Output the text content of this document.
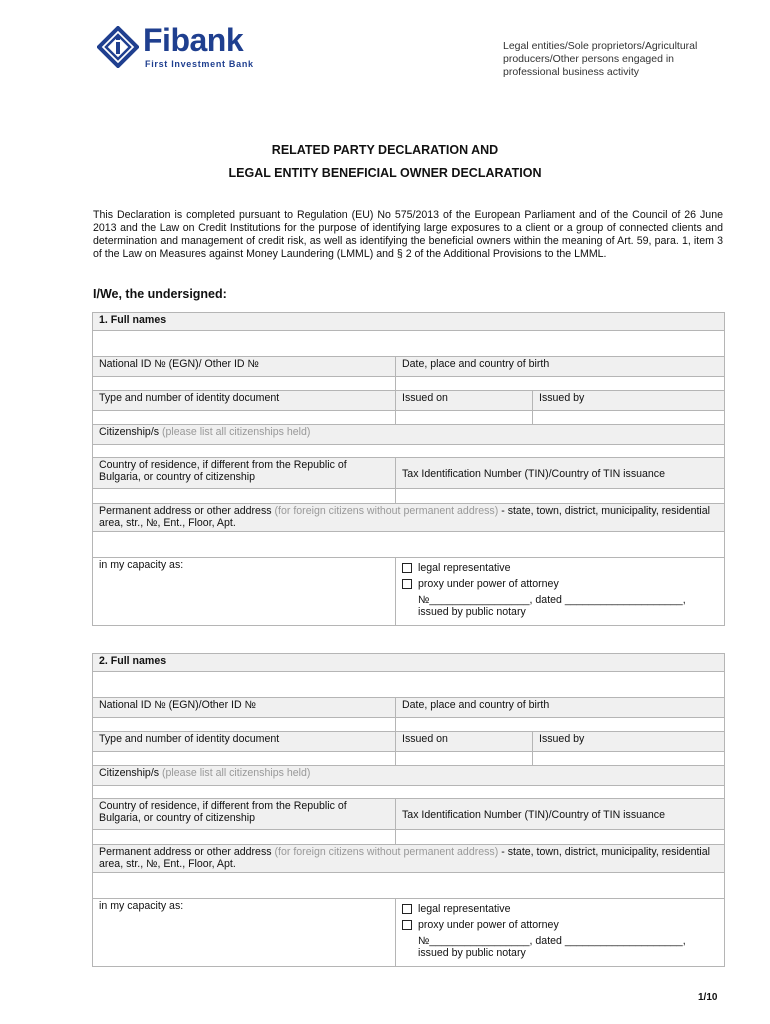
Fibank
First Investment Bank
Legal entities/Sole proprietors/Agricultural producers/Other persons engaged in professional business activity
RELATED PARTY DECLARATION AND
LEGAL ENTITY BENEFICIAL OWNER DECLARATION
This Declaration is completed pursuant to Regulation (EU) No 575/2013 of the European Parliament and of the Council of 26 June 2013 and the Law on Credit Institutions for the purpose of identifying large exposures to a client or a group of connected clients and determination and management of credit risk, as well as identifying the beneficial owners within the meaning of Art. 59, para. 1, item 3 of the Law on Measures against Money Laundering (LMML) and § 2 of the Additional Provisions to the LMML.
I/We, the undersigned:
1. Full names		

National ID № (EGN)/ Other ID №	Date, place and country of birth	

Type and number of identity document	Issued on	Issued by

Citizenship/s (please list all citizenships held)		

Country of residence, if different from the Republic of Bulgaria, or country of citizenship	Tax Identification Number (TIN)/Country of TIN issuance	

Permanent address or other address (for foreign citizens without permanent address) - state, town, district, municipality, residential area, str., №, Ent., Floor, Apt.		

in my capacity as:	legal representative
proxy under power of attorney
№_________________, dated ____________________,
issued by public notary	
2. Full names		

National ID № (EGN)/Other ID №	Date, place and country of birth	

Type and number of identity document	Issued on	Issued by

Citizenship/s (please list all citizenships held)		

Country of residence, if different from the Republic of Bulgaria, or country of citizenship	Tax Identification Number (TIN)/Country of TIN issuance	

Permanent address or other address (for foreign citizens without permanent address) - state, town, district, municipality, residential area, str., №, Ent., Floor, Apt.		

in my capacity as:	legal representative
proxy under power of attorney
№_________________, dated ____________________,
issued by public notary	
1/10
